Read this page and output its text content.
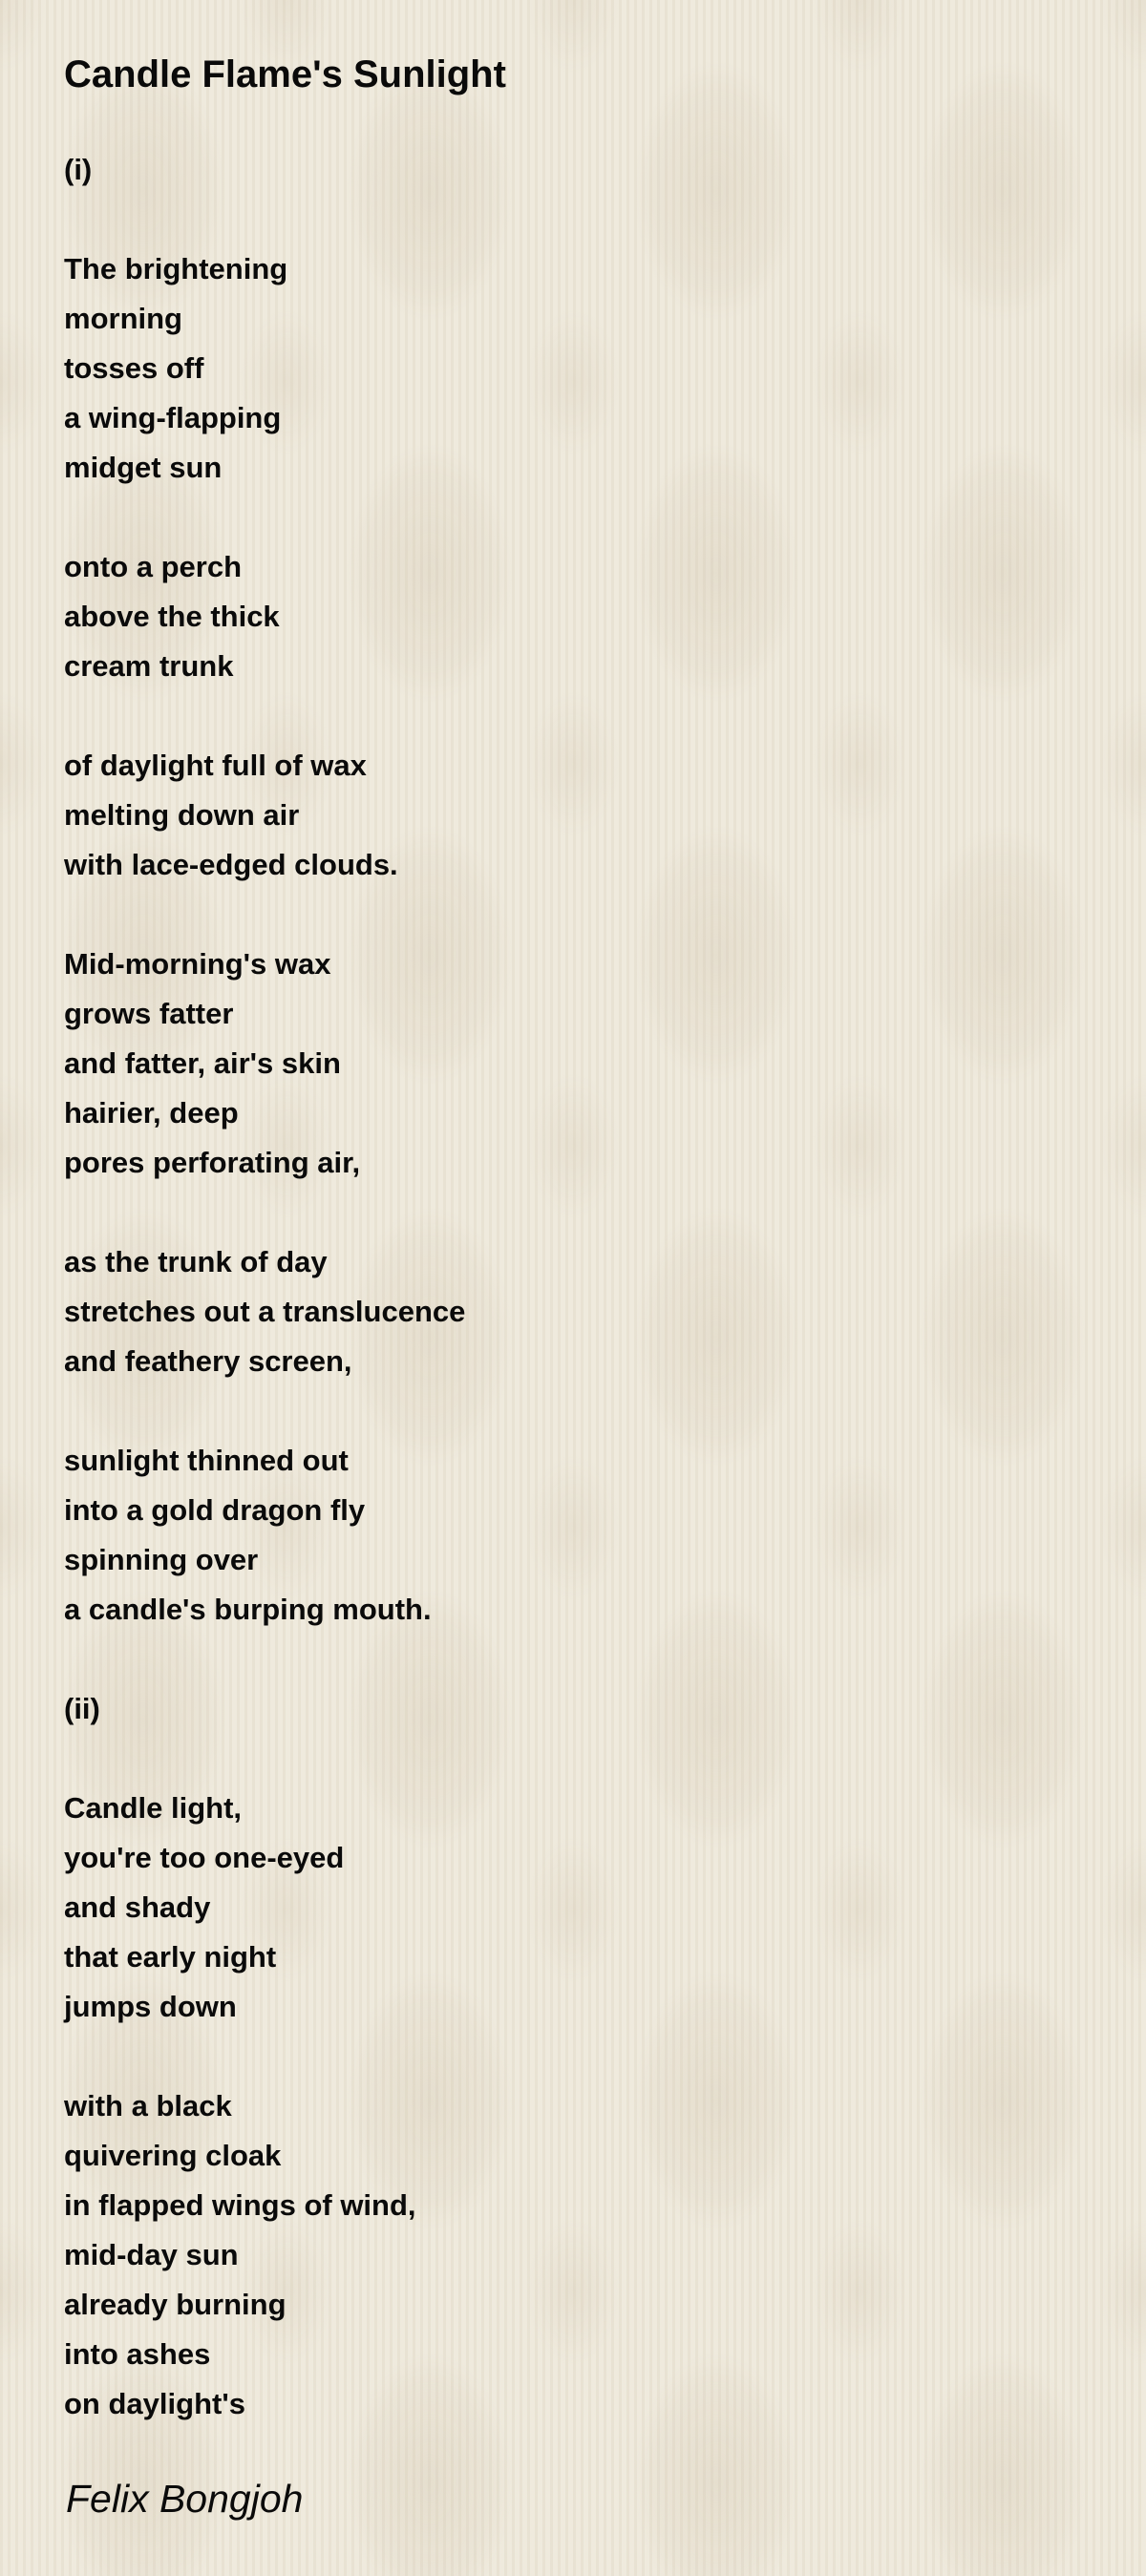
Candle Flame's Sunlight
(i)
The brightening
morning
tosses off
a wing-flapping
midget sun
onto a perch
above the thick
cream trunk
of daylight full of wax
melting down air
with lace-edged clouds.
Mid-morning's wax
grows fatter
and fatter, air's skin
hairier, deep
pores perforating air,
as the trunk of day
stretches out a translucence
and feathery screen,
sunlight thinned out
into a gold dragon fly
spinning over
a candle's burping mouth.
(ii)
Candle light,
you're too one-eyed
and shady
that early night
jumps down
with a black
quivering cloak
in flapped wings of wind,
mid-day sun
already burning
into ashes
on daylight's
Felix Bongjoh
